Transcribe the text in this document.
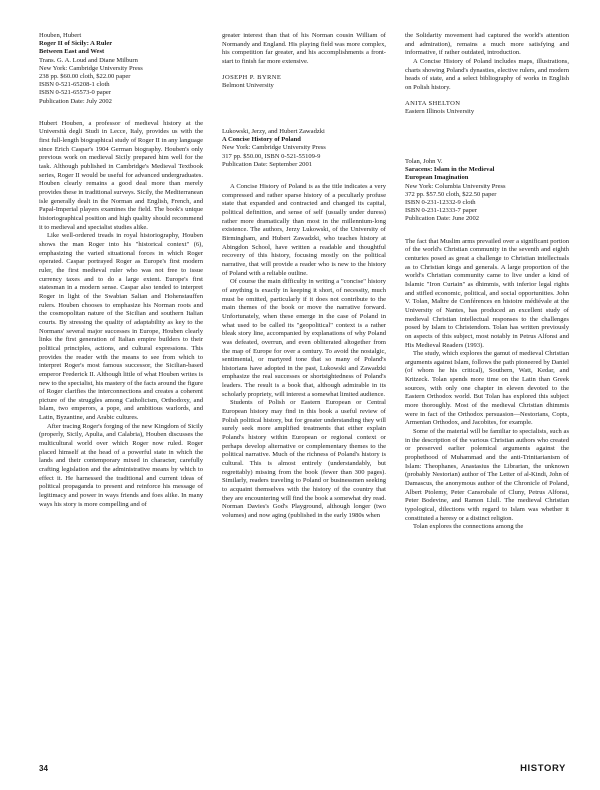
Houben, Hubert
Roger II of Sicily: A Ruler
Between East and West
Trans. G. A. Loud and Diane Milburn
New York: Cambridge University Press
238 pp. $60.00 cloth, $22.00 paper
ISBN 0-521-65208-1 cloth
ISBN 0-521-65573-0 paper
Publication Date: July 2002

Hubert Houben, a professor of medieval history at the Università degli Studi in Lecce, Italy, provides us with the first full-length biographical study of Roger II in any language since Erich Caspar's 1904 German biography. Houben's only previous work on medieval Sicily prepared him well for the task. Although published in Cambridge's Medieval Textbook series, Roger II would be useful for advanced undergraduates. Houben clearly remains a good deal more than merely provides these in traditional surveys. Sicily, the Mediterranean isle generally dealt in the Norman and English, French, and Papal-Imperial players examines the field. The book's unique historiographical position and high quality should recommend it to medieval and specialist studies alike.

Like well-ordered treads in royal historiography, Houben shows the man Roger into his "historical context" (6), emphasizing the varied situational forces in which Roger operated. Caspar portrayed Roger as Europe's first modern ruler, the first medieval ruler who was not free to issue currency taxes and to do a large extent. Europe's first statesman in a modern sense. Caspar also tended to interpret Roger in light of the Swabian Salian and Hohenstauffen rulers. Houben chooses to emphasize his Norman roots and the cosmopolitan nature of the Sicilian and southern Italian courts. By stressing the quality of adaptability as key to the Normans' several major successes in Europe, Houben clearly links the first generation of Italian empire builders to their political principles, actions, and cultural expressions. This provides the reader with the means to see from which to interpret Roger's most famous successor, the Sicilian-based emperor Frederick II. Although little of what Houben writes is new to the specialist, his mastery of the facts around the figure of Roger clarifies the interconnections and creates a coherent picture of the struggles among Catholicism, Orthodoxy, and Islam, two emperors, a pope, and ambitious warlords, and Latin, Byzantine, and Arabic cultures.

After tracing Roger's forging of the new Kingdom of Sicily (properly, Sicily, Apulia, and Calabria), Houben discusses the multicultural world over which Roger now ruled. Roger placed himself at the head of a powerful state in which the lands and their contemporary mixed in character, carefully crafting legislation and the administrative means by which to effect it. He harnessed the traditional and current ideas of political propaganda to present and reinforce his message of legitimacy and power in ways friends and foes alike. In many ways his story is more compelling and of

greater interest than that of his Norman cousin William of Normandy and England. His playing field was more complex, his competition far greater, and his accomplishments a front-start to finish far more extensive.

JOSEPH P. BYRNE
Belmont University
Lukowski, Jerzy, and Hubert Zawadzki
A Concise History of Poland
New York: Cambridge University Press
317 pp. $50.00, ISBN 0-521-55109-9
Publication Date: September 2001

A Concise History of Poland is as the title indicates a very compressed and rather sparse history of a peculiarly profuse state that expanded and contracted and changed its capital, political definition, and sense of self (usually under duress) rather more dramatically than most in the millennium-long existence. The authors, Jerzy Lukowski, of the University of Birmingham, and Hubert Zawadzki, who teaches history at Abingdon School, have written a readable and thoughtful recovery of this history, focusing mostly on the political narrative, that will provide a reader who is new to the history of Poland with a reliable outline.

Of course the main difficulty in writing a "concise" history of anything is exactly in keeping it short, of necessity, much must be omitted, particularly if it does not contribute to the main themes of the book or move the narrative forward. Unfortunately, when these emerge in the case of Poland in what used to be called its "geopolitical" context is a rather bleak story line, accompanied by explanations of why Poland was defeated, overrun, and even obliterated altogether from the map of Europe for over a century. To avoid the nostalgic, sentimental, or martyred tone that so many of Poland's historians have adopted in the past, Lukowski and Zawadzki emphasize the real successes or shortsightedness of Poland's leaders. The result is a book that, although admirable in its scholarly propriety, will interest a somewhat limited audience.

Students of Polish or Eastern European or Central European history may find in this book a useful review of Polish political history, but for greater understanding they will surely seek more amplified treatments that either explain Poland's history within European or regional context or perhaps develop alternative or complementary themes to the political narrative. Much of the richness of Poland's history is cultural. This is almost entirely (understandably, but regrettably) missing from the book (fewer than 300 pages). Similarly, readers traveling to Poland or businessmen seeking to acquaint themselves with the history of the country that they are encountering will find the book a somewhat dry read. Norman Davies's God's Playground, although longer (two volumes) and now aging (published in the early 1980s when

the Solidarity movement had captured the world's attention and admiration), remains a much more satisfying and informative, if rather outdated, introduction.

A Concise History of Poland includes maps, illustrations, charts showing Poland's dynasties, elective rulers, and modern heads of state, and a select bibliography of works in English on Polish history.

ANITA SHELTON
Eastern Illinois University
Tolan, John V.
Saracens: Islam in the Medieval
European Imagination
New York: Columbia University Press
372 pp. $57.50 cloth, $22.50 paper
ISBN 0-231-12332-9 cloth
ISBN 0-231-12333-7 paper
Publication Date: June 2002

The fact that Muslim arms prevailed over a significant portion of the world's Christian community in the seventh and eighth centuries posed as great a challenge to Christian intellectuals as to Christian kings and generals. A large proportion of the world's Christian community came to live under a kind of Islamic "Iron Curtain" as dhimmis, with inferior legal rights and stifled economic, political, and social opportunities. John V. Tolan, Maître de Conférences en histoire médiévale at the University of Nantes, has produced an excellent study of medieval Christian intellectual responses to the challenges posed by Islam to Christendom. Tolan has written previously on aspects of this subject, most notably in Petrus Alfonsi and His Medieval Readers (1993).

The study, which explores the gamut of medieval Christian arguments against Islam, follows the path pioneered by Daniel (of whom he his critical), Southern, Watt, Kedar, and Kritzeck. Tolan spends more time on the Latin than Greek sources, with only one chapter in eleven devoted to the Eastern Orthodox world. But Tolan has explored this subject more thoroughly. Most of the medieval Christian dhimmis were in fact of the Orthodox persuasion—Nestorians, Copts, Armenian Orthodox, and Jacobites, for example.

Some of the material will be familiar to specialists, such as in the description of the various Christian authors who created or preserved earlier polemical arguments against the prophethood of Muhammad and the anti-Trinitarianism of Islam: Theophanes, Anastasius the Librarian, the unknown (probably Nestorian) author of The Letter of al-Kindi, John of Damascus, the anonymous author of the Chronicle of Poland, Albert Ptolemy, Peter Cansrobale of Cluny, Petrus Alfonsi, Peter Bodevine, and Ramon Llull. The medieval Christian typological, dilections with regard to Islam was whether it constituted a heresy or a distinct religion.

Tolan explores the connections among the

34	HISTORY
